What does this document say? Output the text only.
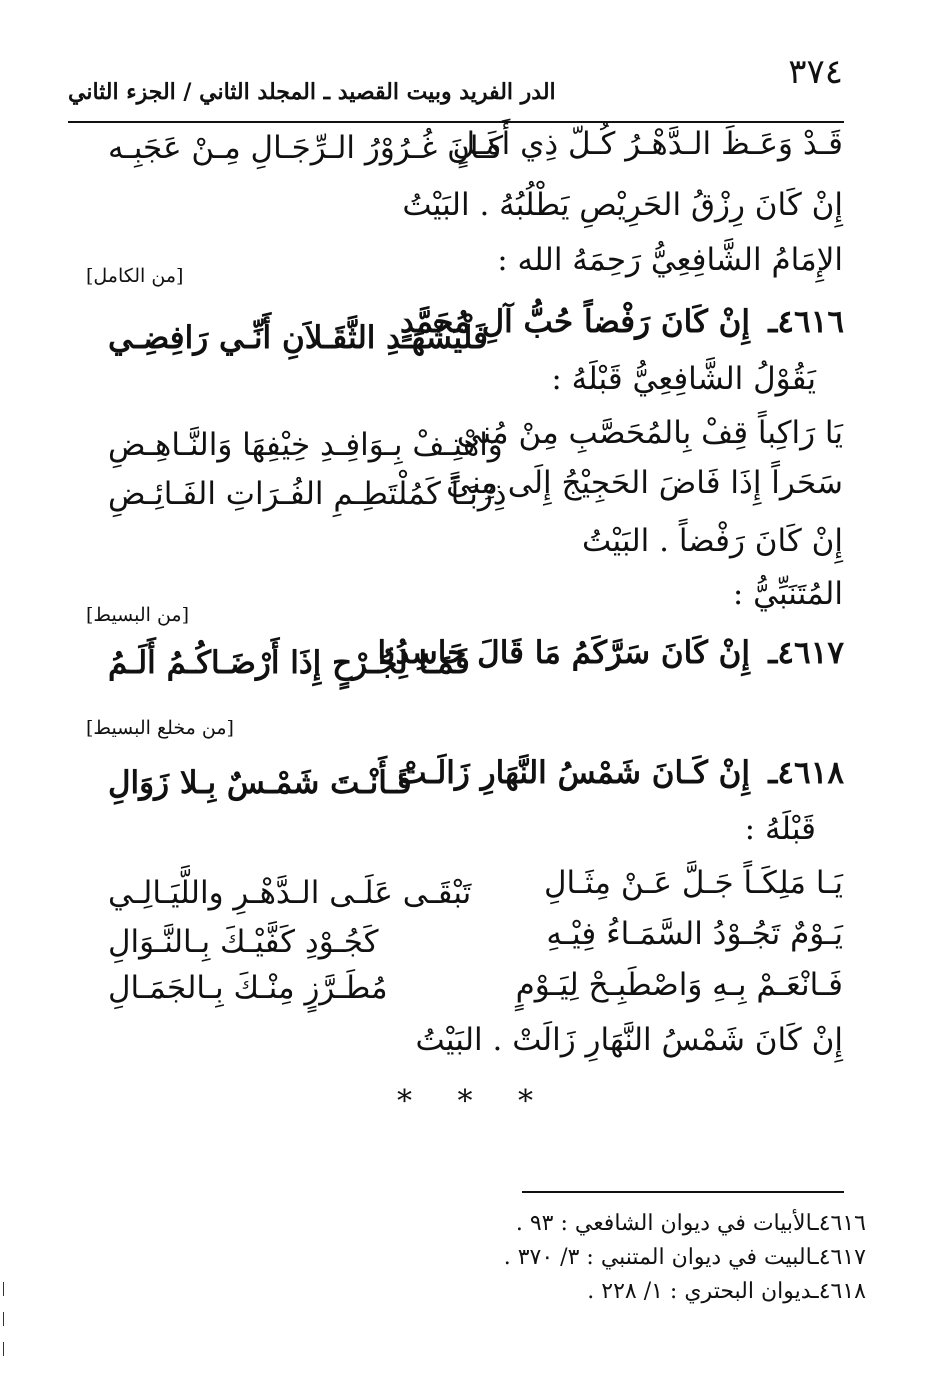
٣٧٤
الدر الفريد وبيت القصيد ـ المجلد الثاني / الجزء الثاني
قَـدْ وَعَـظَ الـدَّهْـرُ كُـلّ ذِي أَمَـلٍ
كَـانَ غُـرُوْرُ الـرِّجَـالِ مِـنْ عَجَبِـه
إِنْ كَانَ رِزْقُ الحَرِيْصِ يَطْلُبُهُ . البَيْتُ
الإِمَامُ الشَّافِعِيُّ رَحِمَهُ الله :
[من الكامل]
٤٦١٦ـ
إِنْ كَانَ رَفْضاً حُبُّ آلِ مُحَمَّدٍ
فَلْيَشْهَـدِ الثَّقَـلاَنِ أَنِّـي رَافِضِـي
يَقُوْلُ الشَّافِعِيُّ قَبْلَهُ :
يَا رَاكِباً قِفْ بِالمُحَصَّبِ مِنْ مُنى
وَاهْتِـفْ بِـوَافِـدِ خِيْفِهَا وَالنَّـاهِـضِ
سَحَراً إِذَا فَاضَ الحَجِيْجُ إِلَى مِنىً
ذِرْبَـاً كَمُلْتَطِـمِ الفُـرَاتِ الفَـائِـضِ
إِنْ كَانَ رَفْضاً . البَيْتُ
المُتَنَبِّيُّ :
[من البسيط]
٤٦١٧ـ
إِنْ كَانَ سَرَّكَمُ مَا قَالَ حَاسِدُنا
فَمَـا لِجُـرْحٍ إِذَا أَرْضَـاكُـمُ أَلَـمُ
[من مخلع البسيط]
٤٦١٨ـ
إِنْ كَـانَ شَمْسُ النَّهَارِ زَالَـتْ
فَـأَنْـتَ شَمْـسٌ بِـلا زَوَالِ
قَبْلَهُ :
يَـا مَلِكَـاً جَـلَّ عَـنْ مِثَـالِ
تَبْقَـى عَلَـى الـدَّهْـرِ واللَّيَـالِـي
يَـوْمٌ تَجُـوْدُ السَّمَـاءُ فِيْـهِ
كَجُـوْدِ كَفَّيْـكَ بِـالنَّـوَالِ
فَـانْعَـمْ بِـهِ وَاصْطَبِـحْ لِيَـوْمٍ
مُطَـرَّزٍ مِنْـكَ بِـالجَمَـالِ
إِنْ كَانَ شَمْسُ النَّهَارِ زَالَتْ . البَيْتُ
* * *
٤٦١٦ـالأبيات في ديوان الشافعي : ٩٣ .
٤٦١٧ـالبيت في ديوان المتنبي : ٣/ ٣٧٠ .
٤٦١٨ـديوان البحتري : ١/ ٢٢٨ .
